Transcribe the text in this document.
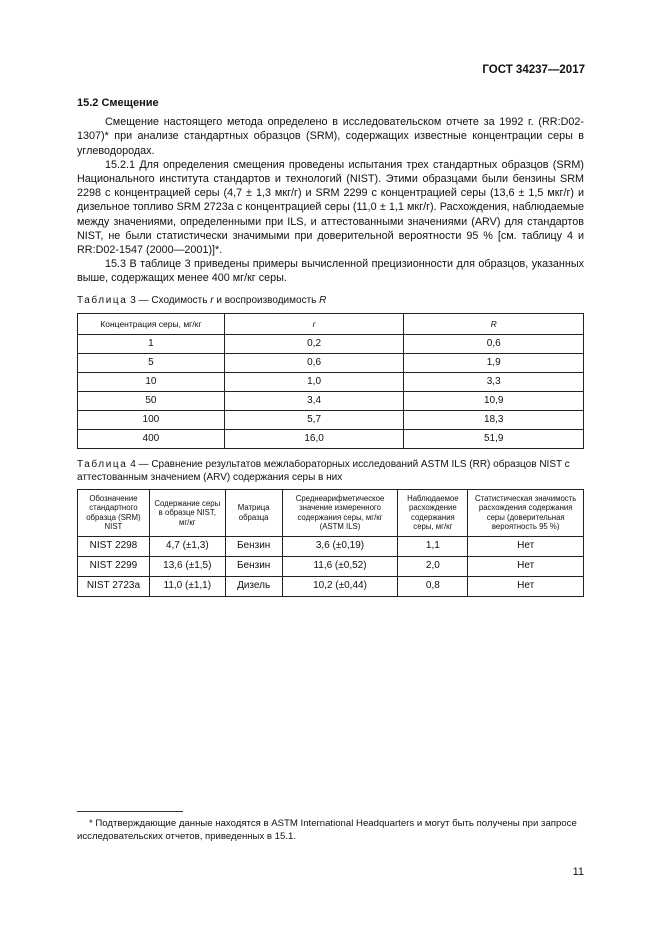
ГОСТ 34237—2017
15.2 Смещение

Смещение настоящего метода определено в исследовательском отчете за 1992 г. (RR:D02-1307)* при анализе стандартных образцов (SRM), содержащих известные концентрации серы в углеводородах.

15.2.1 Для определения смещения проведены испытания трех стандартных образцов (SRM) Национального института стандартов и технологий (NIST). Этими образцами были бензины SRM 2298 с концентрацией серы (4,7 ± 1,3 мкг/г) и SRM 2299 с концентрацией серы (13,6 ± 1,5 мкг/г) и дизельное топливо SRM 2723а с концентрацией серы (11,0 ± 1,1 мкг/г). Расхождения, наблюдаемые между значениями, определенными при ILS, и аттестованными значениями (ARV) для стандартов NIST, не были статистически значимыми при доверительной вероятности 95 % [см. таблицу 4 и RR:D02-1547 (2000—2001)]*.

15.3 В таблице 3 приведены примеры вычисленной прецизионности для образцов, указанных выше, содержащих менее 400 мг/кг серы.

Таблица 3 — Сходимость r и воспроизводимость R
Концентрация серы, мг/кг	r	R
1	0,2	0,6
5	0,6	1,9
10	1,0	3,3
50	3,4	10,9
100	5,7	18,3
400	16,0	51,9
Таблица 4 — Сравнение результатов межлабораторных исследований ASTM ILS (RR) образцов NIST с аттестованным значением (ARV) содержания серы в них
Обозначение стандартного образца (SRM) NIST	Содержание серы в образце NIST, мг/кг	Матрица образца	Среднеарифметическое значение измеренного содержания серы, мг/кг (ASTM ILS)	Наблюдаемое расхождение содержания серы, мг/кг	Статистическая значимость расхождения содержания серы (доверительная вероятность 95 %)
NIST 2298	4,7 (±1,3)	Бензин	3,6 (±0,19)	1,1	Нет
NIST 2299	13,6 (±1,5)	Бензин	11,6 (±0,52)	2,0	Нет
NIST 2723a	11,0 (±1,1)	Дизель	10,2 (±0,44)	0,8	Нет
* Подтверждающие данные находятся в ASTM International Headquarters и могут быть получены при запросе исследовательских отчетов, приведенных в 15.1.
11
